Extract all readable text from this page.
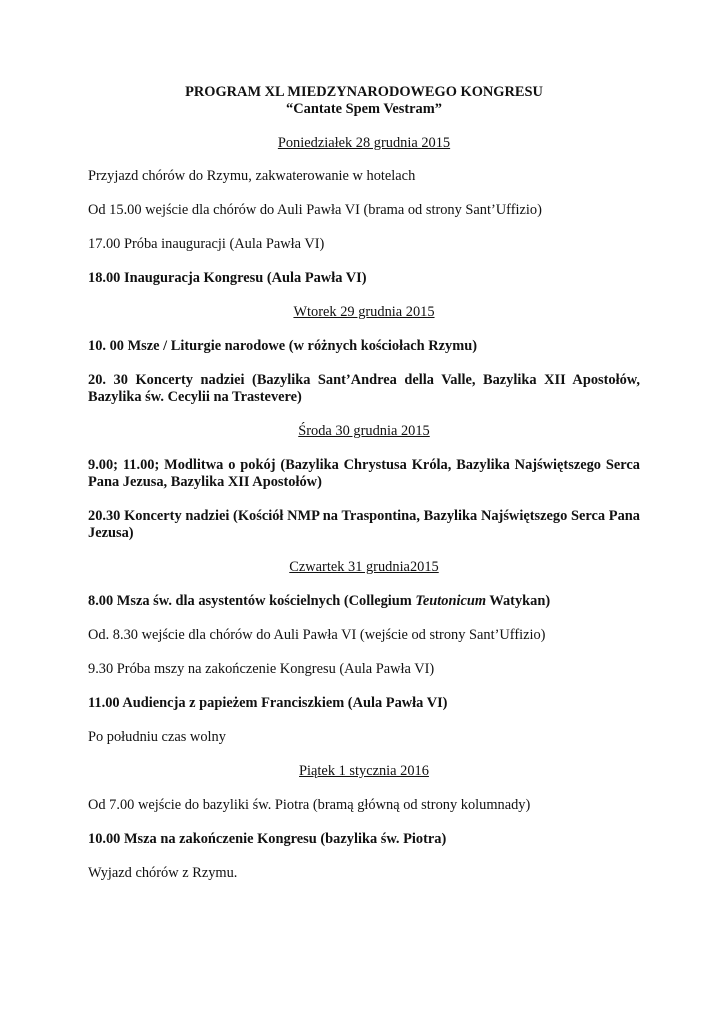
PROGRAM XL MIEDZYNARODOWEGO KONGRESU

“Cantate Spem Vestram”

Poniedziałek 28 grudnia 2015

Przyjazd chórów do Rzymu, zakwaterowanie w hotelach

Od 15.00 wejście dla chórów do Auli Pawła VI (brama od strony Sant’Uffizio)

17.00 Próba inauguracji (Aula Pawła VI)

18.00 Inauguracja Kongresu (Aula Pawła VI)

Wtorek 29 grudnia 2015

10. 00 Msze / Liturgie narodowe (w różnych kościołach Rzymu)

20. 30 Koncerty nadziei (Bazylika Sant’Andrea della Valle, Bazylika XII Apostołów, Bazylika św. Cecylii na Trastevere)

Środa 30 grudnia 2015

9.00; 11.00; Modlitwa o pokój (Bazylika Chrystusa Króla, Bazylika Najświętszego Serca Pana Jezusa, Bazylika XII Apostołów)

20.30 Koncerty nadziei (Kościół NMP na Traspontina, Bazylika Najświętszego Serca Pana Jezusa)

Czwartek 31 grudnia2015

8.00 Msza św. dla asystentów kościelnych (Collegium Teutonicum Watykan)

Od. 8.30 wejście dla chórów do Auli Pawła VI (wejście od strony Sant’Uffizio)

9.30 Próba mszy na zakończenie Kongresu (Aula Pawła VI)

11.00 Audiencja z papieżem Franciszkiem (Aula Pawła VI)

Po południu czas wolny

Piątek 1 stycznia 2016

Od 7.00 wejście do bazyliki św. Piotra (bramą główną od strony kolumnady)

10.00 Msza na zakończenie Kongresu (bazylika św. Piotra)

Wyjazd chórów z Rzymu.
